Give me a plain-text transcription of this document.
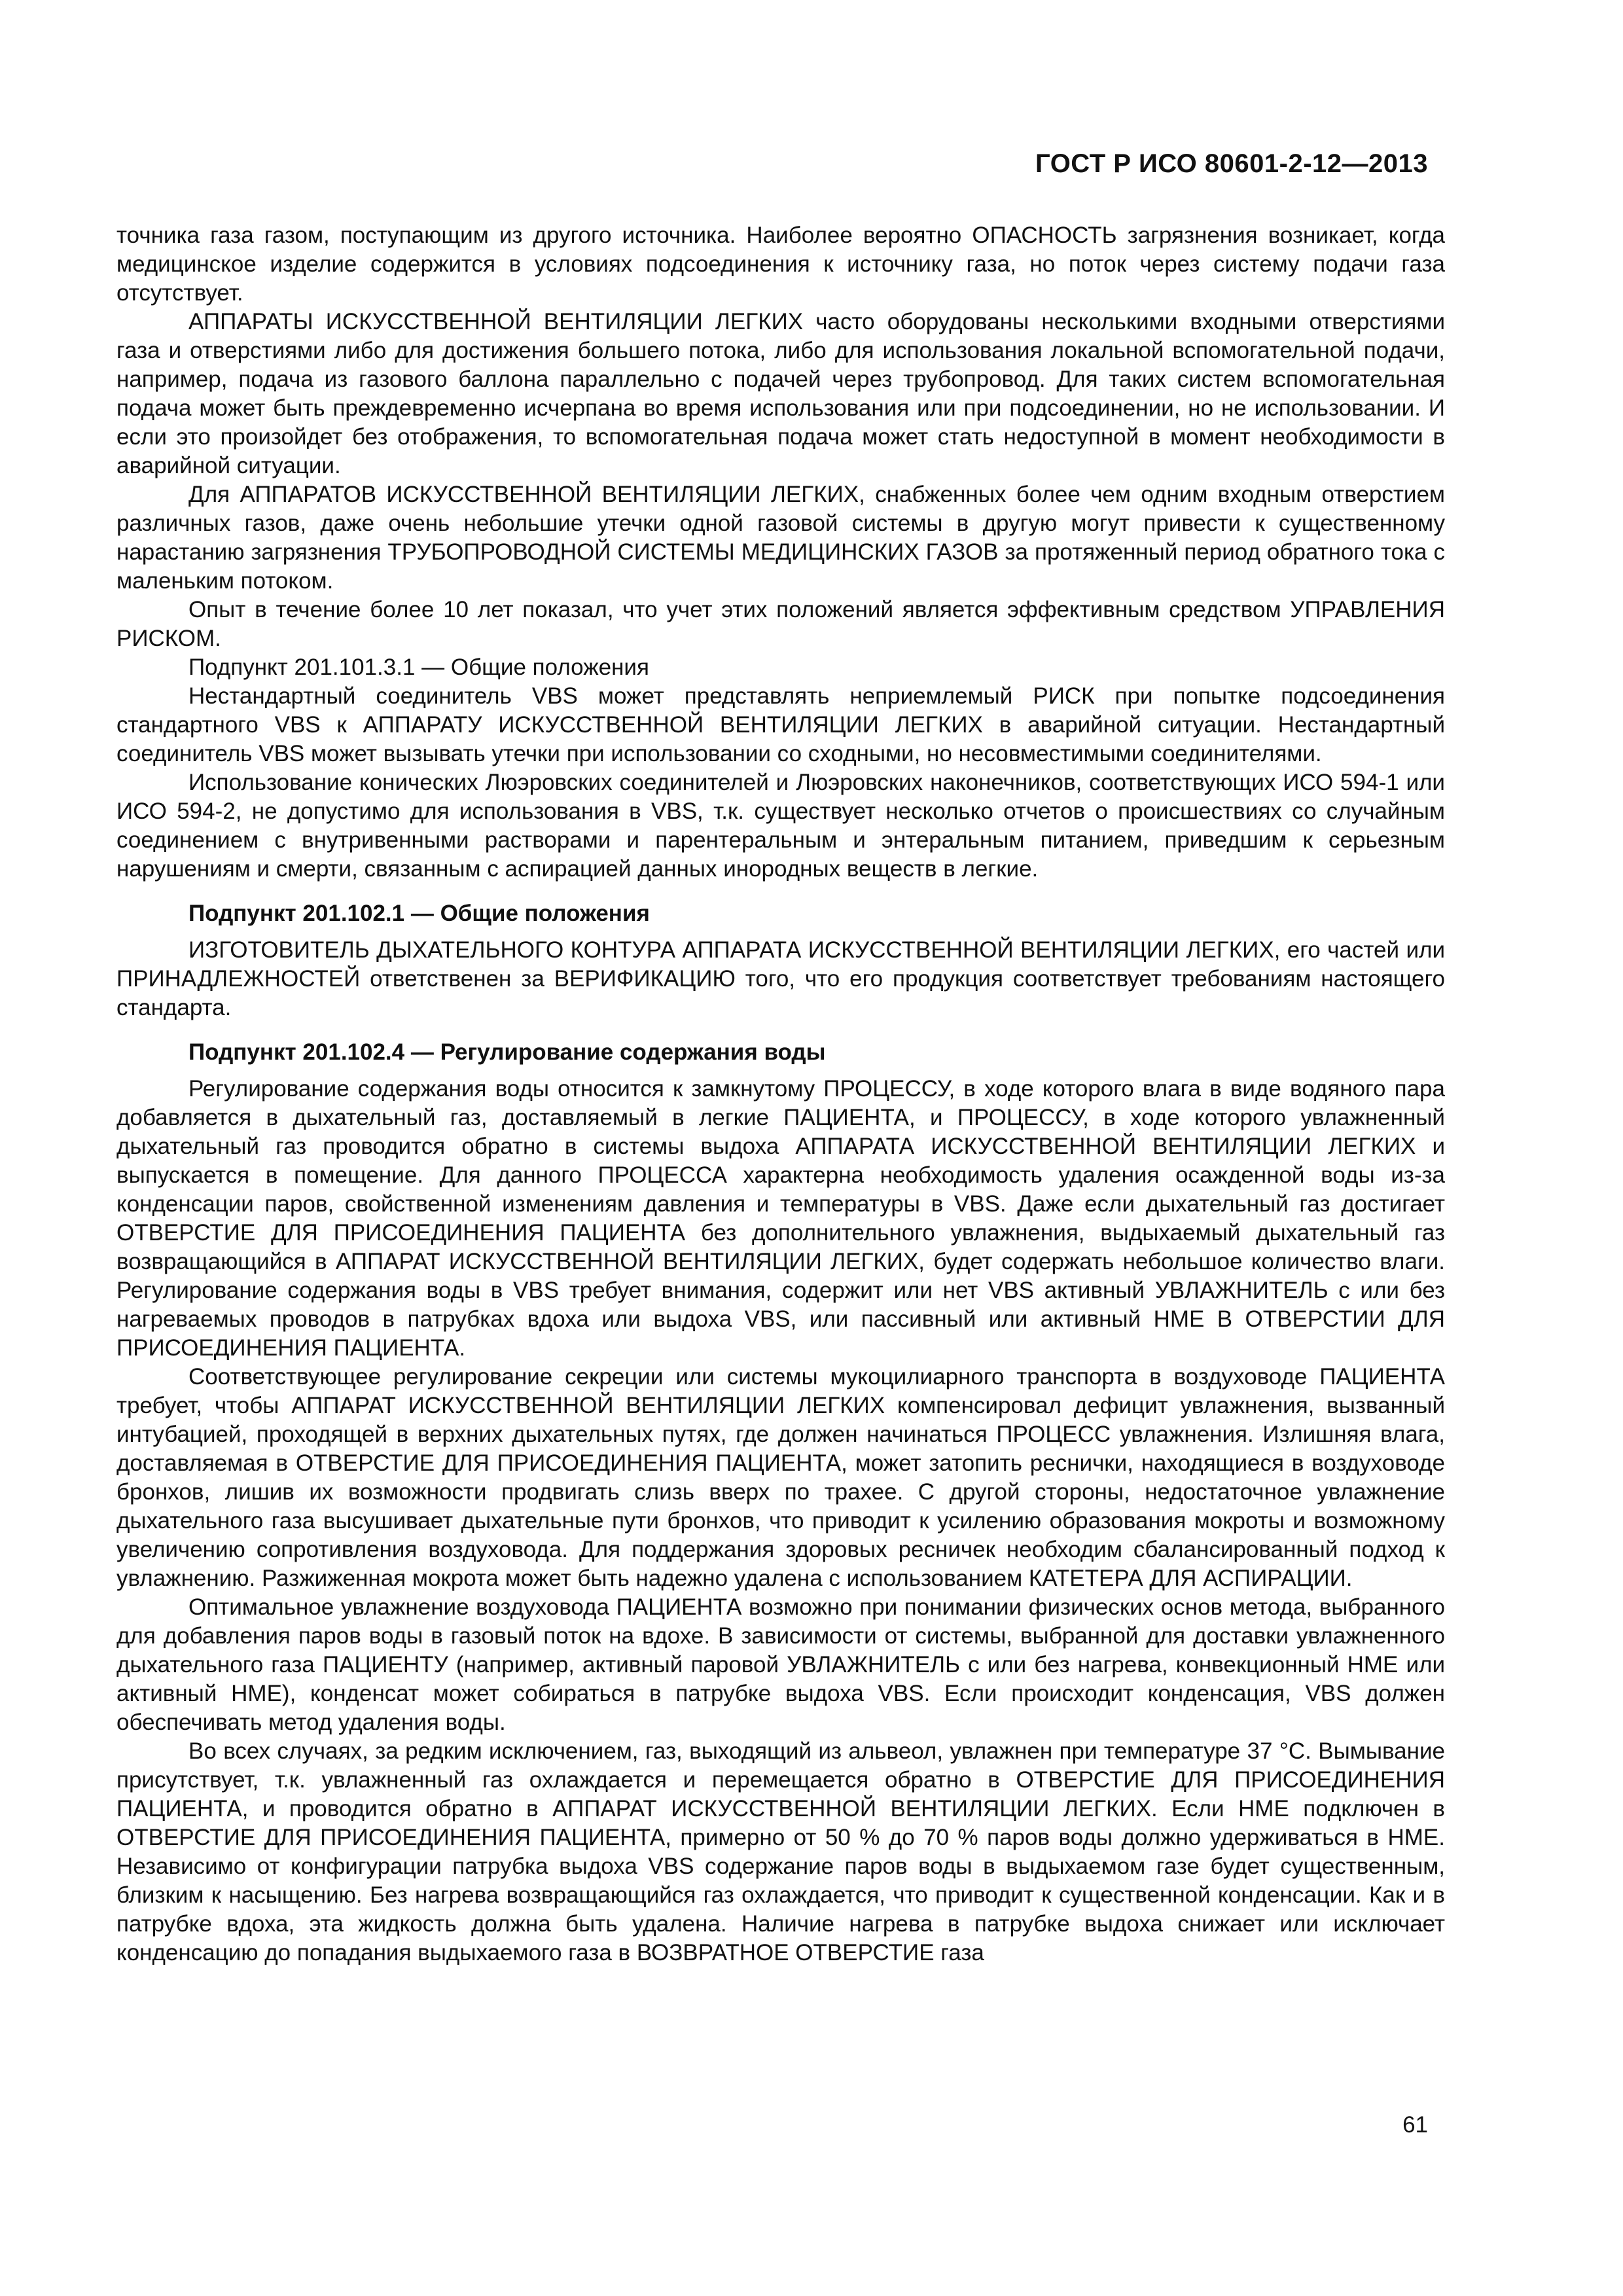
ГОСТ Р ИСО 80601-2-12—2013

точника газа газом, поступающим из другого источника. Наиболее вероятно ОПАСНОСТЬ загрязнения возникает, когда медицинское изделие содержится в условиях подсоединения к источнику газа, но поток через систему подачи газа отсутствует.

АППАРАТЫ ИСКУССТВЕННОЙ ВЕНТИЛЯЦИИ ЛЕГКИХ часто оборудованы несколькими входными отверстиями газа и отверстиями либо для достижения большего потока, либо для использования локальной вспомогательной подачи, например, подача из газового баллона параллельно с подачей через трубопровод. Для таких систем вспомогательная подача может быть преждевременно исчерпана во время использования или при подсоединении, но не использовании. И если это произойдет без отображения, то вспомогательная подача может стать недоступной в момент необходимости в аварийной ситуации.

Для АППАРАТОВ ИСКУССТВЕННОЙ ВЕНТИЛЯЦИИ ЛЕГКИХ, снабженных более чем одним входным отверстием различных газов, даже очень небольшие утечки одной газовой системы в другую могут привести к существенному нарастанию загрязнения ТРУБОПРОВОДНОЙ СИСТЕМЫ МЕДИЦИНСКИХ ГАЗОВ за протяженный период обратного тока с маленьким потоком.

Опыт в течение более 10 лет показал, что учет этих положений является эффективным средством УПРАВЛЕНИЯ РИСКОМ.

Подпункт 201.101.3.1 — Общие положения

Нестандартный соединитель VBS может представлять неприемлемый РИСК при попытке подсоединения стандартного VBS к АППАРАТУ ИСКУССТВЕННОЙ ВЕНТИЛЯЦИИ ЛЕГКИХ в аварийной ситуации. Нестандартный соединитель VBS может вызывать утечки при использовании со сходными, но несовместимыми соединителями.

Использование конических Люэровских соединителей и Люэровских наконечников, соответствующих ИСО 594-1 или ИСО 594-2, не допустимо для использования в VBS, т.к. существует несколько отчетов о происшествиях со случайным соединением с внутривенными растворами и парентеральным и энтеральным питанием, приведшим к серьезным нарушениям и смерти, связанным с аспирацией данных инородных веществ в легкие.

Подпункт 201.102.1 — Общие положения

ИЗГОТОВИТЕЛЬ ДЫХАТЕЛЬНОГО КОНТУРА АППАРАТА ИСКУССТВЕННОЙ ВЕНТИЛЯЦИИ ЛЕГКИХ, его частей или ПРИНАДЛЕЖНОСТЕЙ ответственен за ВЕРИФИКАЦИЮ того, что его продукция соответствует требованиям настоящего стандарта.

Подпункт 201.102.4 — Регулирование содержания воды

Регулирование содержания воды относится к замкнутому ПРОЦЕССУ, в ходе которого влага в виде водяного пара добавляется в дыхательный газ, доставляемый в легкие ПАЦИЕНТА, и ПРОЦЕССУ, в ходе которого увлажненный дыхательный газ проводится обратно в системы выдоха АППАРАТА ИСКУССТВЕННОЙ ВЕНТИЛЯЦИИ ЛЕГКИХ и выпускается в помещение. Для данного ПРОЦЕССА характерна необходимость удаления осажденной воды из-за конденсации паров, свойственной изменениям давления и температуры в VBS. Даже если дыхательный газ достигает ОТВЕРСТИЕ ДЛЯ ПРИСОЕДИНЕНИЯ ПАЦИЕНТА без дополнительного увлажнения, выдыхаемый дыхательный газ возвращающийся в АППАРАТ ИСКУССТВЕННОЙ ВЕНТИЛЯЦИИ ЛЕГКИХ, будет содержать небольшое количество влаги. Регулирование содержания воды в VBS требует внимания, содержит или нет VBS активный УВЛАЖНИТЕЛЬ с или без нагреваемых проводов в патрубках вдоха или выдоха VBS, или пассивный или активный НМЕ В ОТВЕРСТИИ ДЛЯ ПРИСОЕДИНЕНИЯ ПАЦИЕНТА.

Соответствующее регулирование секреции или системы мукоцилиарного транспорта в воздуховоде ПАЦИЕНТА требует, чтобы АППАРАТ ИСКУССТВЕННОЙ ВЕНТИЛЯЦИИ ЛЕГКИХ компенсировал дефицит увлажнения, вызванный интубацией, проходящей в верхних дыхательных путях, где должен начинаться ПРОЦЕСС увлажнения. Излишняя влага, доставляемая в ОТВЕРСТИЕ ДЛЯ ПРИСОЕДИНЕНИЯ ПАЦИЕНТА, может затопить реснички, находящиеся в воздуховоде бронхов, лишив их возможности продвигать слизь вверх по трахее. С другой стороны, недостаточное увлажнение дыхательного газа высушивает дыхательные пути бронхов, что приводит к усилению образования мокроты и возможному увеличению сопротивления воздуховода. Для поддержания здоровых ресничек необходим сбалансированный подход к увлажнению. Разжиженная мокрота может быть надежно удалена с использованием КАТЕТЕРА ДЛЯ АСПИРАЦИИ.

Оптимальное увлажнение воздуховода ПАЦИЕНТА возможно при понимании физических основ метода, выбранного для добавления паров воды в газовый поток на вдохе. В зависимости от системы, выбранной для доставки увлажненного дыхательного газа ПАЦИЕНТУ (например, активный паровой УВЛАЖНИТЕЛЬ с или без нагрева, конвекционный НМЕ или активный НМЕ), конденсат может собираться в патрубке выдоха VBS. Если происходит конденсация, VBS должен обеспечивать метод удаления воды.

Во всех случаях, за редким исключением, газ, выходящий из альвеол, увлажнен при температуре 37 °С. Вымывание присутствует, т.к. увлажненный газ охлаждается и перемещается обратно в ОТВЕРСТИЕ ДЛЯ ПРИСОЕДИНЕНИЯ ПАЦИЕНТА, и проводится обратно в АППАРАТ ИСКУССТВЕННОЙ ВЕНТИЛЯЦИИ ЛЕГКИХ. Если НМЕ подключен в ОТВЕРСТИЕ ДЛЯ ПРИСОЕДИНЕНИЯ ПАЦИЕНТА, примерно от 50 % до 70 % паров воды должно удерживаться в НМЕ. Независимо от конфигурации патрубка выдоха VBS содержание паров воды в выдыхаемом газе будет существенным, близким к насыщению. Без нагрева возвращающийся газ охлаждается, что приводит к существенной конденсации. Как и в патрубке вдоха, эта жидкость должна быть удалена. Наличие нагрева в патрубке выдоха снижает или исключает конденсацию до попадания выдыхаемого газа в ВОЗВРАТНОЕ ОТВЕРСТИЕ газа

61
